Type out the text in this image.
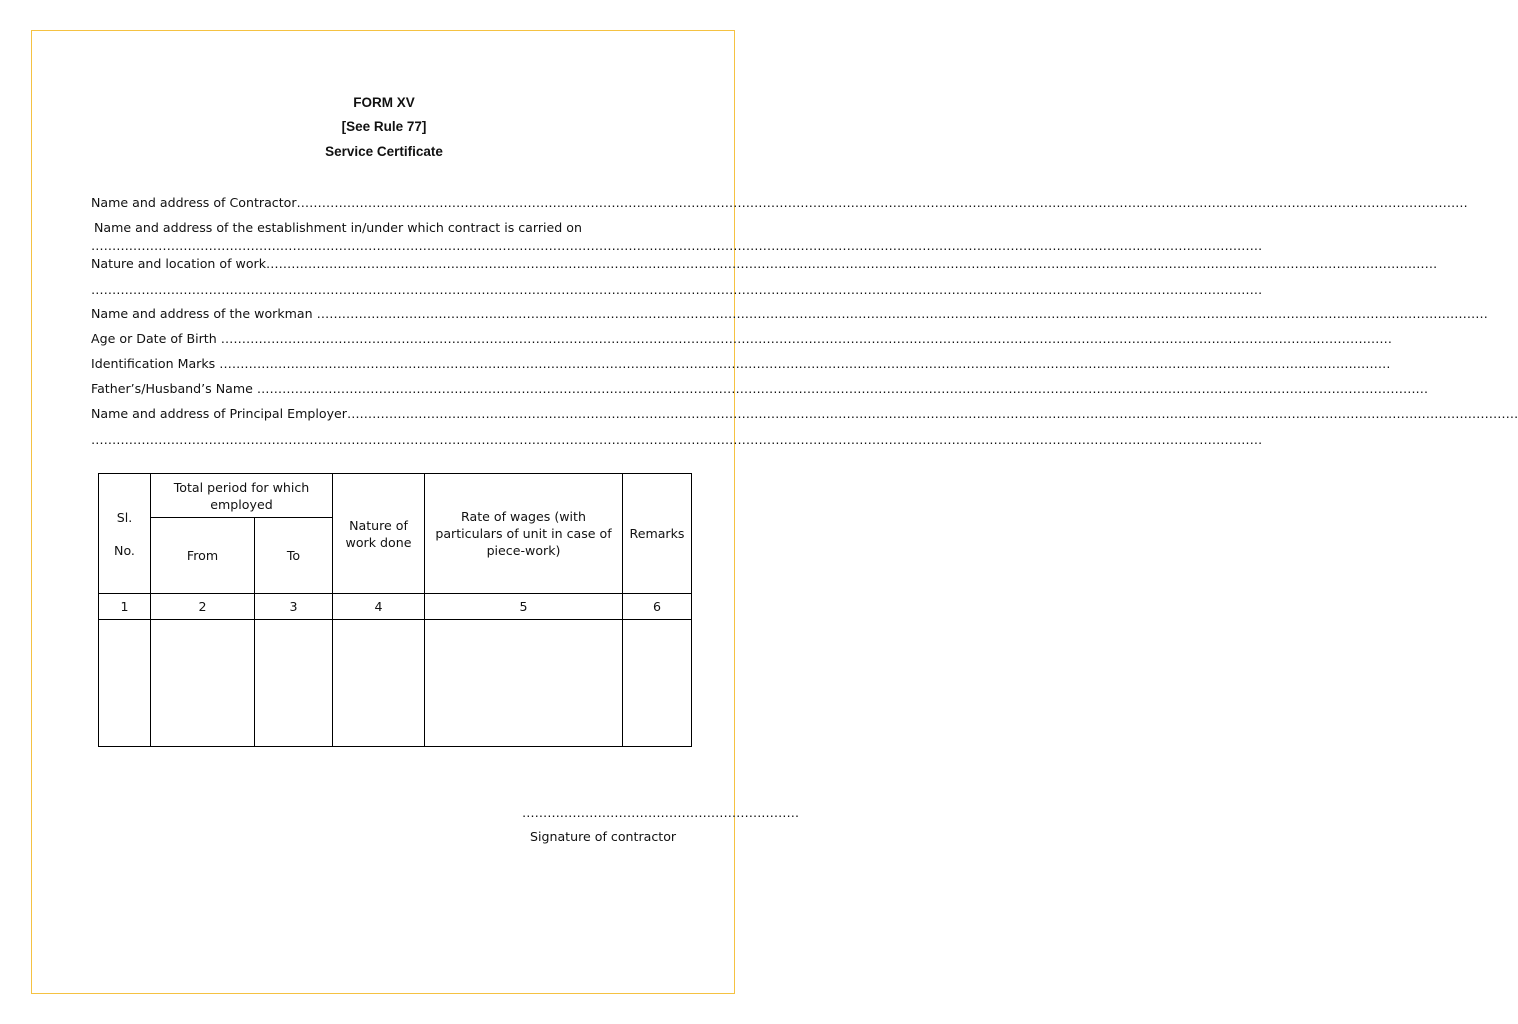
FORM XV
[See Rule 77]
Service Certificate
Name and address of Contractor………………………………………………………………………………………………………………………………………………………………………………………………………………………………………………………
Name and address of the establishment in/under which contract is carried on
………………………………………………………………………………………………………………………………………………………………………………………………………………………………………………………
Nature and location of work………………………………………………………………………………………………………………………………………………………………………………………………………………………………………………………
………………………………………………………………………………………………………………………………………………………………………………………………………………………………………………………
Name and address of the workman ………………………………………………………………………………………………………………………………………………………………………………………………………………………………………………………
Age or Date of Birth ………………………………………………………………………………………………………………………………………………………………………………………………………………………………………………………
Identification Marks ………………………………………………………………………………………………………………………………………………………………………………………………………………………………………………………
Father’s/Husband’s Name ………………………………………………………………………………………………………………………………………………………………………………………………………………………………………………………
Name and address of Principal Employer………………………………………………………………………………………………………………………………………………………………………………………………………………………………………………………
………………………………………………………………………………………………………………………………………………………………………………………………………………………………………………………
Sl.
No.	Total period for which employed		Nature of work done	Rate of wages (with particulars of unit in case of piece-work)	Remarks
	From	To			
1	2	3	4	5	6

…………………………………………………………
Signature of contractor
